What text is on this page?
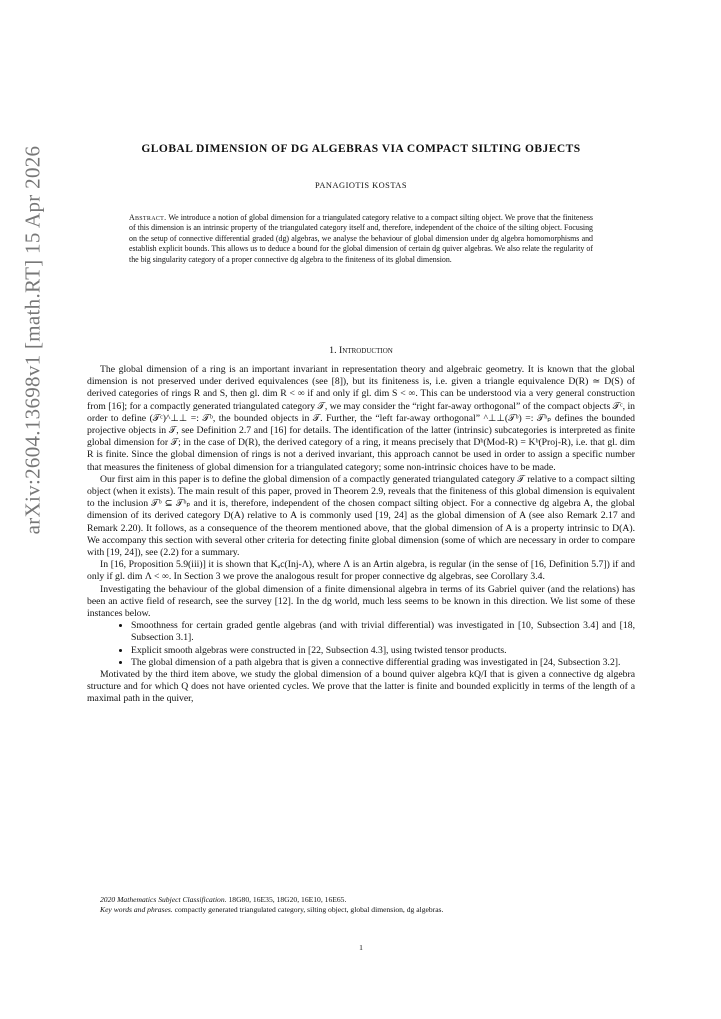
arXiv:2604.13698v1 [math.RT] 15 Apr 2026	GLOBAL DIMENSION OF DG ALGEBRAS VIA COMPACT SILTING OBJECTS
PANAGIOTIS KOSTAS
Abstract. We introduce a notion of global dimension for a triangulated category relative to a compact silting object. We prove that the finiteness of this dimension is an intrinsic property of the triangulated category itself and, therefore, independent of the choice of the silting object. Focusing on the setup of connective differential graded (dg) algebras, we analyse the behaviour of global dimension under dg algebra homomorphisms and establish explicit bounds. This allows us to deduce a bound for the global dimension of certain dg quiver algebras. We also relate the regularity of the big singularity category of a proper connective dg algebra to the finiteness of its global dimension.
1. Introduction

The global dimension of a ring is an important invariant in representation theory and algebraic geometry. It is known that the global dimension is not preserved under derived equivalences (see [8]), but its finiteness is, i.e. given a triangle equivalence D(R) ≃ D(S) of derived categories of rings R and S, then gl. dim R < ∞ if and only if gl. dim S < ∞. This can be understood via a very general construction from [16]; for a compactly generated triangulated category 𝒯, we may consider the “right far-away orthogonal” of the compact objects 𝒯ᶜ, in order to define (𝒯ᶜ)^⊥⊥ =: 𝒯ᵇ, the bounded objects in 𝒯. Further, the “left far-away orthogonal” ^⊥⊥(𝒯ᵇ) =: 𝒯ᵇₚ defines the bounded projective objects in 𝒯, see Definition 2.7 and [16] for details. The identification of the latter (intrinsic) subcategories is interpreted as finite global dimension for 𝒯; in the case of D(R), the derived category of a ring, it means precisely that Dᵇ(Mod-R) = Kᵇ(Proj-R), i.e. that gl. dim R is finite. Since the global dimension of rings is not a derived invariant, this approach cannot be used in order to assign a specific number that measures the finiteness of global dimension for a triangulated category; some non-intrinsic choices have to be made.

Our first aim in this paper is to define the global dimension of a compactly generated triangulated category 𝒯 relative to a compact silting object (when it exists). The main result of this paper, proved in Theorem 2.9, reveals that the finiteness of this global dimension is equivalent to the inclusion 𝒯ᵇ ⊆ 𝒯ᵇₚ and it is, therefore, independent of the chosen compact silting object. For a connective dg algebra A, the global dimension of its derived category D(A) relative to A is commonly used [19, 24] as the global dimension of A (see also Remark 2.17 and Remark 2.20). It follows, as a consequence of the theorem mentioned above, that the global dimension of A is a property intrinsic to D(A). We accompany this section with several other criteria for detecting finite global dimension (some of which are necessary in order to compare with [19, 24]), see (2.2) for a summary.

In [16, Proposition 5.9(iii)] it is shown that Kₐc(Inj-Λ), where Λ is an Artin algebra, is regular (in the sense of [16, Definition 5.7]) if and only if gl. dim Λ < ∞. In Section 3 we prove the analogous result for proper connective dg algebras, see Corollary 3.4.

Investigating the behaviour of the global dimension of a finite dimensional algebra in terms of its Gabriel quiver (and the relations) has been an active field of research, see the survey [12]. In the dg world, much less seems to be known in this direction. We list some of these instances below.

• Smoothness for certain graded gentle algebras (and with trivial differential) was investigated in [10, Subsection 3.4] and [18, Subsection 3.1].
• Explicit smooth algebras were constructed in [22, Subsection 4.3], using twisted tensor products.
• The global dimension of a path algebra that is given a connective differential grading was investigated in [24, Subsection 3.2].

Motivated by the third item above, we study the global dimension of a bound quiver algebra kQ/I that is given a connective dg algebra structure and for which Q does not have oriented cycles. We prove that the latter is finite and bounded explicitly in terms of the length of a maximal path in the quiver,

2020 Mathematics Subject Classification. 18G80, 16E35, 18G20, 16E10, 16E65.

Key words and phrases. compactly generated triangulated category, silting object, global dimension, dg algebras.

1
